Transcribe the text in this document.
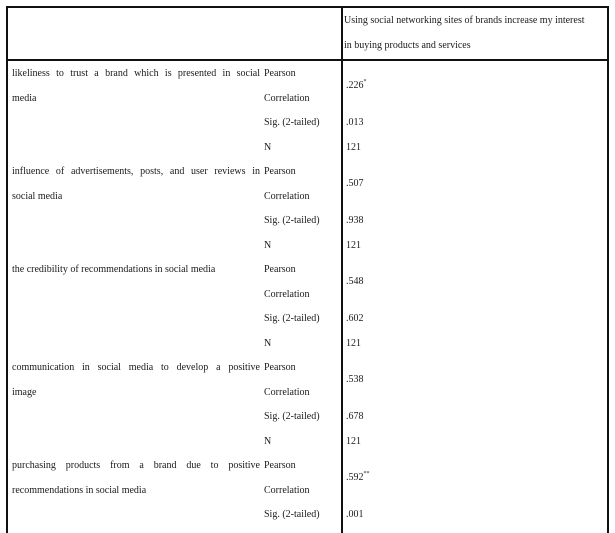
Using social networking sites of brands increase my interest
in buying products and services
likeliness to trust a brand which is presented in social
media
Pearson
Correlation
Sig. (2-tailed)
N
.226*
.013
121
influence of advertisements, posts, and user reviews in
social media
Pearson
Correlation
Sig. (2-tailed)
N
.507
.938
121
the credibility of recommendations in social media	Pearson
Correlation
Sig. (2-tailed)
N
.548
.602
121
communication in social media to develop a positive
image
Pearson
Correlation
Sig. (2-tailed)
N
.538
.678
121
purchasing products from a brand due to positive
recommendations in social media
Pearson
Correlation
Sig. (2-tailed)
.592**
.001
